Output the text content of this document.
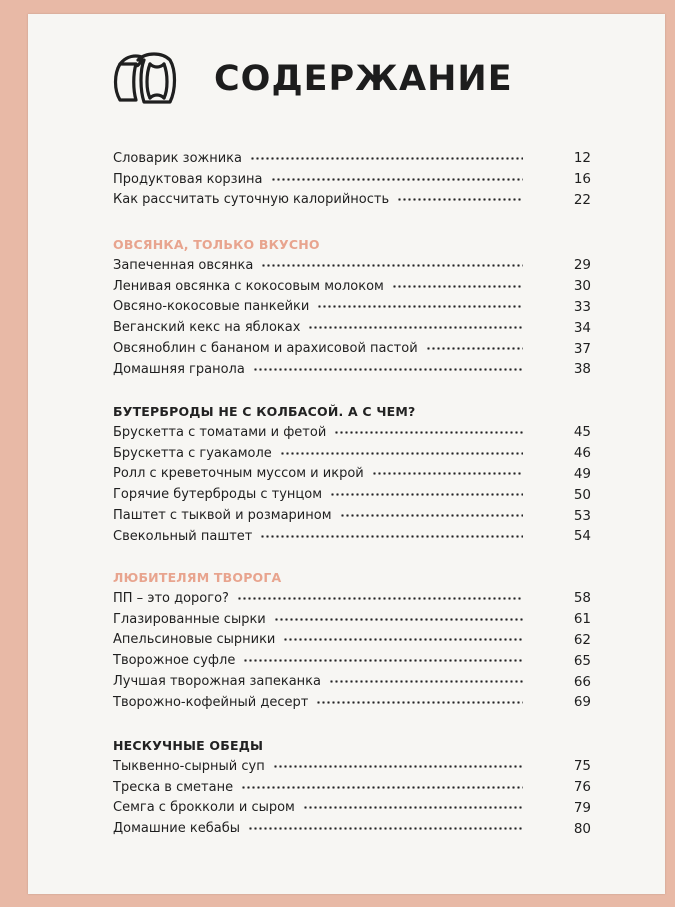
СОДЕРЖАНИЕ
Словарик зожника	12
Продуктовая корзина	16
Как рассчитать суточную калорийность	22
ОВСЯНКА, ТОЛЬКО ВКУСНО
Запеченная овсянка	29
Ленивая овсянка с кокосовым молоком	30
Овсяно-кокосовые панкейки	33
Веганский кекс на яблоках	34
Овсяноблин с бананом и арахисовой пастой	37
Домашняя гранола	38
БУТЕРБРОДЫ НЕ С КОЛБАСОЙ. А С ЧЕМ?
Брускетта с томатами и фетой	45
Брускетта с гуакамоле	46
Ролл с креветочным муссом и икрой	49
Горячие бутерброды с тунцом	50
Паштет с тыквой и розмарином	53
Свекольный паштет	54
ЛЮБИТЕЛЯМ ТВОРОГА
ПП – это дорого?	58
Глазированные сырки	61
Апельсиновые сырники	62
Творожное суфле	65
Лучшая творожная запеканка	66
Творожно-кофейный десерт	69
НЕСКУЧНЫЕ ОБЕДЫ
Тыквенно-сырный суп	75
Треска в сметане	76
Семга с брокколи и сыром	79
Домашние кебабы	80
